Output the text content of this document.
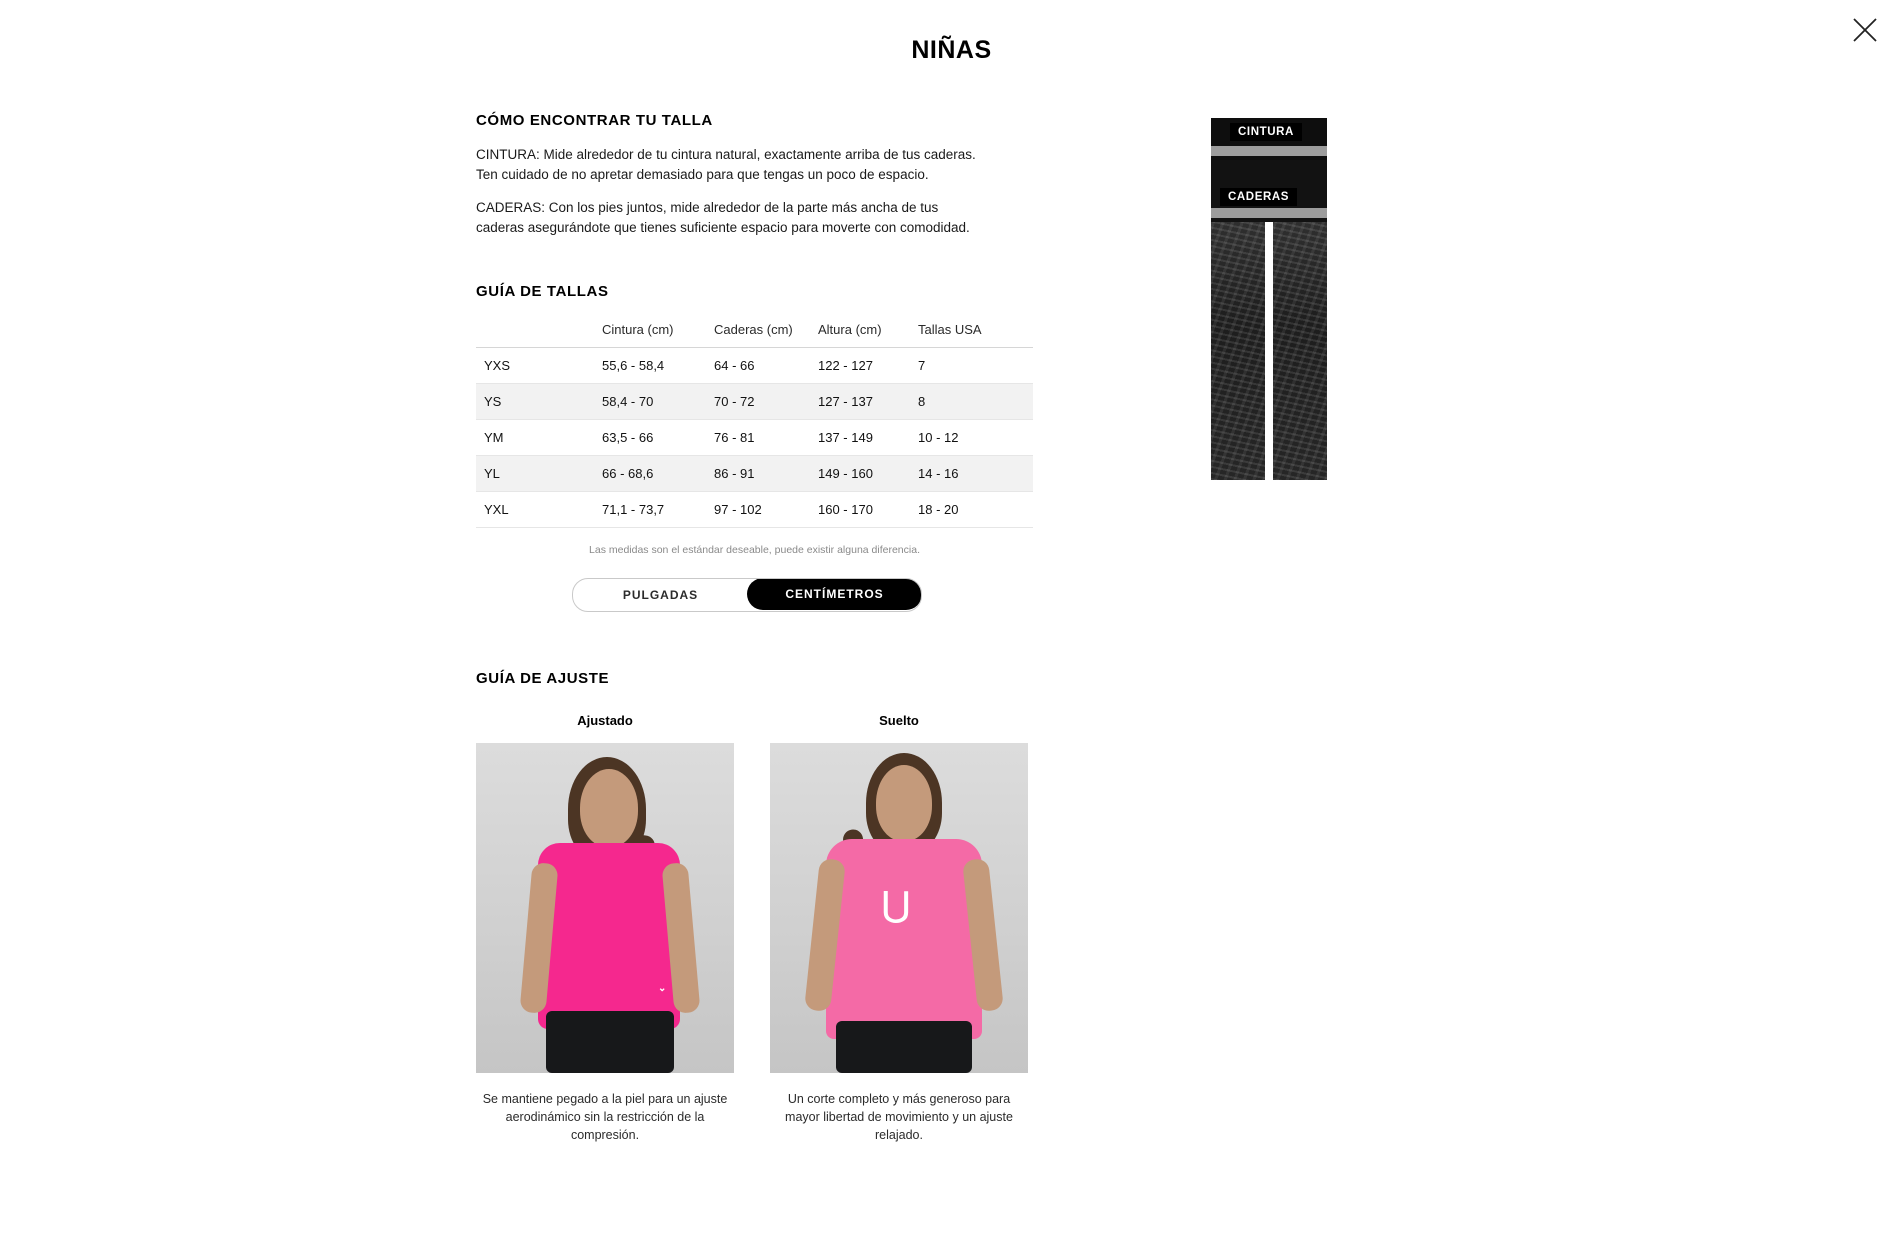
NIÑAS
CÓMO ENCONTRAR TU TALLA

CINTURA: Mide alrededor de tu cintura natural, exactamente arriba de tus caderas. Ten cuidado de no apretar demasiado para que tengas un poco de espacio.

CADERAS: Con los pies juntos, mide alrededor de la parte más ancha de tus caderas asegurándote que tienes suficiente espacio para moverte con comodidad.

GUÍA DE TALLAS
	Cintura (cm)	Caderas (cm)	Altura (cm)	Tallas USA
YXS	55,6 - 58,4	64 - 66	122 - 127	7
YS	58,4 - 70	70 - 72	127 - 137	8
YM	63,5 - 66	76 - 81	137 - 149	10 - 12
YL	66 - 68,6	86 - 91	149 - 160	14 - 16
YXL	71,1 - 73,7	97 - 102	160 - 170	18 - 20
Las medidas son el estándar deseable, puede existir alguna diferencia.
PULGADAS	CENTÍMETROS
GUÍA DE AJUSTE
Ajustado
⌄
Se mantiene pegado a la piel para un ajuste aerodinámico sin la restricción de la compresión.
Suelto
⋃
Un corte completo y más generoso para mayor libertad de movimiento y un ajuste relajado.
CINTURA
CADERAS
